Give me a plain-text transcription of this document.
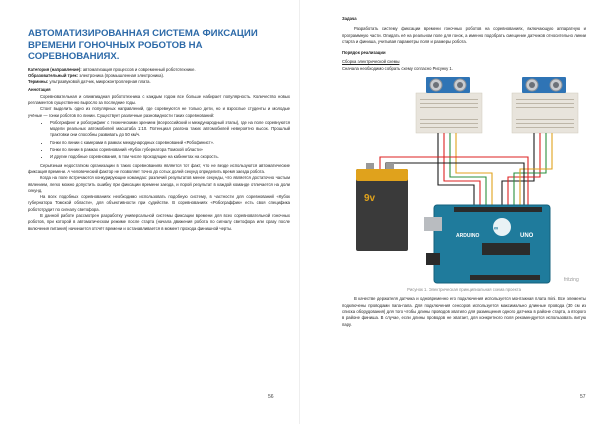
АВТОМАТИЗИРОВАННАЯ СИСТЕМА ФИКСАЦИИ ВРЕМЕНИ ГОНОЧНЫХ РОБОТОВ НА СОРЕВНОВАНИЯХ.

Категория (направление): автоматизация процессов и современный робототехнике.

Образовательный трек: электроника (промышленная электроника).

Термины: ультразвуковой датчик, микроконтроллерная плата.

Аннотация

Соревновательная и олимпиадная робототехника с каждым годом все больше набирает популярность. Количество новых регламентов существенно выросло за последние годы.

Стоит выделить одно из популярных направлений, где соревнуются не только дети, но и взрослые студенты и молодые учёные — гонки роботов по линии. Существует различные разновидности таких соревнований:

• Робогрифинг и робогрифинг с техническими зрением (всероссийский и международный этапы), где на поле соревнуются модели реальных автомобилей масштаба 1:10. Потенциал разгона таких автомобилей невероятно высок. Прошлый трактовки они способны развивать до 50 км/ч.
• Гонки по линии с камерами в рамках международных соревнований «Робофинист».
• Гонки по линии в рамках соревнований «Кубок губернатора Томской области»
• И другие подобные соревнования, в том числе проходящие на кабинетах на скорость.

Серьёзным недостатком организации в таких соревнованиях является тот факт, что не везде используются автоматические фиксация времени. А человеческий фактор не позволяет точно до сотых долей секунд определить время заезда робота.

Когда на поле встречаются конкурирующие командах: различий результатов менее секунды, что является достаточно частым явлением, легко можно допустить ошибку при фиксации времени заезда, и порой результат в каждой команде отличается на доли секунд.

На всех подобных соревнованиях необходимо использовать подобную систему, в частности для соревнований «Кубок губернатора Томской области», для объективности при судействе. В соревнованиях «Робограффик» есть своя специфика робототрудит по сигналу светофора.

В данной работе рассмотрен разработку универсальной системы фиксации времени для всех соревновательной гоночных роботов, при которой в автоматическом режиме после старта (начала движения робота по сигналу светофора или сразу после включения питания) начинается отсчёт времени и останавливается в момент прохода финишной черты.

56

Задача

Разработать систему фиксации времени гоночных роботов на соревнованиях, включающую аппаратную и программную части. Опидать её на реальном поле для гонок, а именно подобрать смещение датчиков относительно линии старта и финиша, учитывая параметры поля и размеры робота.

Порядок реализации

Сборка электрической схемы

Сначала необходимо собрать схему согласно Рисунку 1.

9v
∞
ARDUINO	UNO
fritzing

Рисунок 1. Электрическая принципиальная схема проекта

В качестве держателя датчика и одновременно его подключения используется монтажная плата mini. Все элементы подключены проводами папа-папа. Для подключения сенсоров используется максимально длинные провода (30 см из списка оборудования) для того чтобы длины проводов хватило для размещения одного датчика в районе старта, а второго в районе финиша. В случае, если длины проводов не хватает, для конкретного поля рекомендуется использовать витую пару.

57
